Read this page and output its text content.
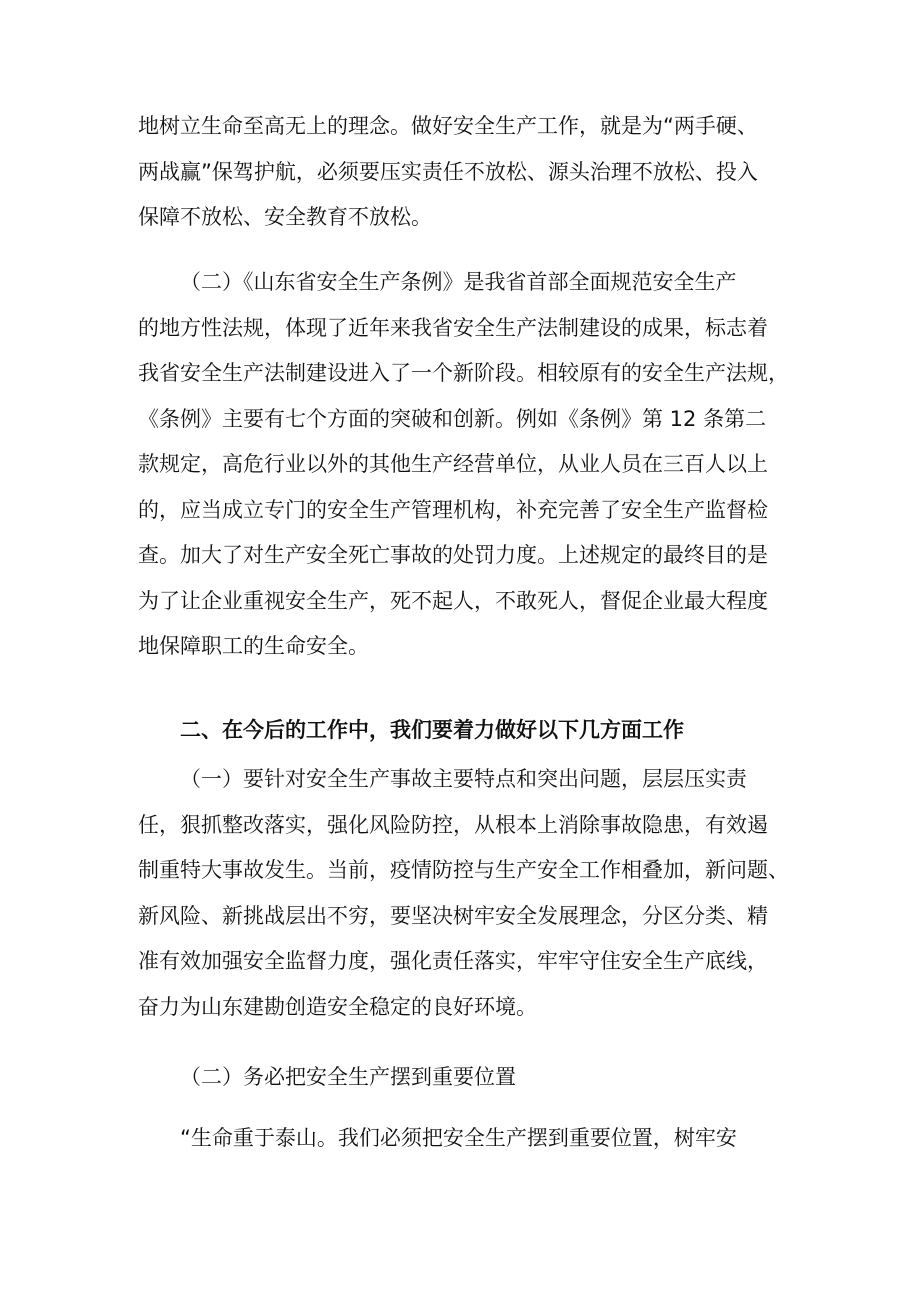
地树立生命至高无上的理念。做好安全生产工作，就是为“两手硬、
两战赢”保驾护航，必须要压实责任不放松、源头治理不放松、投入
保障不放松、安全教育不放松。
（二）《山东省安全生产条例》是我省首部全面规范安全生产
的地方性法规，体现了近年来我省安全生产法制建设的成果，标志着
我省安全生产法制建设进入了一个新阶段。相较原有的安全生产法规，
《条例》主要有七个方面的突破和创新。例如《条例》第 12 条第二
款规定，高危行业以外的其他生产经营单位，从业人员在三百人以上
的，应当成立专门的安全生产管理机构，补充完善了安全生产监督检
查。加大了对生产安全死亡事故的处罚力度。上述规定的最终目的是
为了让企业重视安全生产，死不起人，不敢死人，督促企业最大程度
地保障职工的生命安全。
二、在今后的工作中，我们要着力做好以下几方面工作
（一）要针对安全生产事故主要特点和突出问题，层层压实责
任，狠抓整改落实，强化风险防控，从根本上消除事故隐患，有效遏
制重特大事故发生。当前，疫情防控与生产安全工作相叠加，新问题、
新风险、新挑战层出不穷，要坚决树牢安全发展理念，分区分类、精
准有效加强安全监督力度，强化责任落实，牢牢守住安全生产底线，
奋力为山东建勘创造安全稳定的良好环境。
（二）务必把安全生产摆到重要位置
“生命重于泰山。我们必须把安全生产摆到重要位置，树牢安
